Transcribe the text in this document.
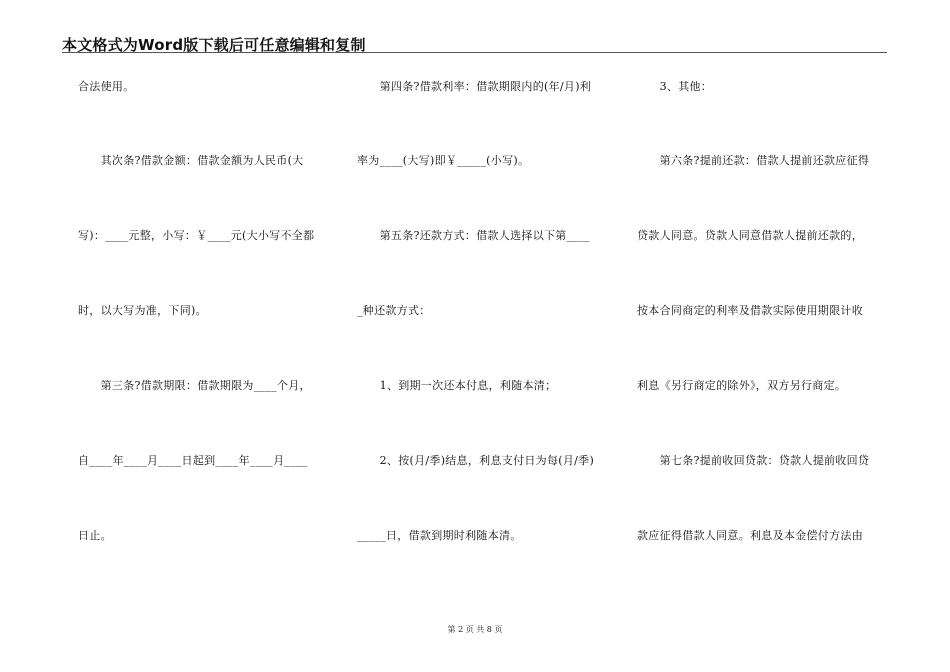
本文格式为Word版下载后可任意编辑和复制
合法使用。
　　其次条?借款金额：借款金额为人民币(大
写)：____元整，小写：￥____元(大小写不全都
时，以大写为准，下同)。
　　第三条?借款期限：借款期限为____个月，
自____年____月____日起到____年____月____
日止。
　　第四条?借款利率：借款期限内的(年/月)利
率为____(大写)即￥_____(小写)。
　　第五条?还款方式：借款人选择以下第____
_种还款方式：
　　1、到期一次还本付息，利随本清；
　　2、按(月/季)结息，利息支付日为每(月/季)
_____日，借款到期时利随本清。
　　3、其他：
　　第六条?提前还款：借款人提前还款应征得
贷款人同意。贷款人同意借款人提前还款的，
按本合同商定的利率及借款实际使用期限计收
利息《另行商定的除外》，双方另行商定。
　　第七条?提前收回贷款：贷款人提前收回贷
款应征得借款人同意。利息及本金偿付方法由
第 2 页 共 8 页
